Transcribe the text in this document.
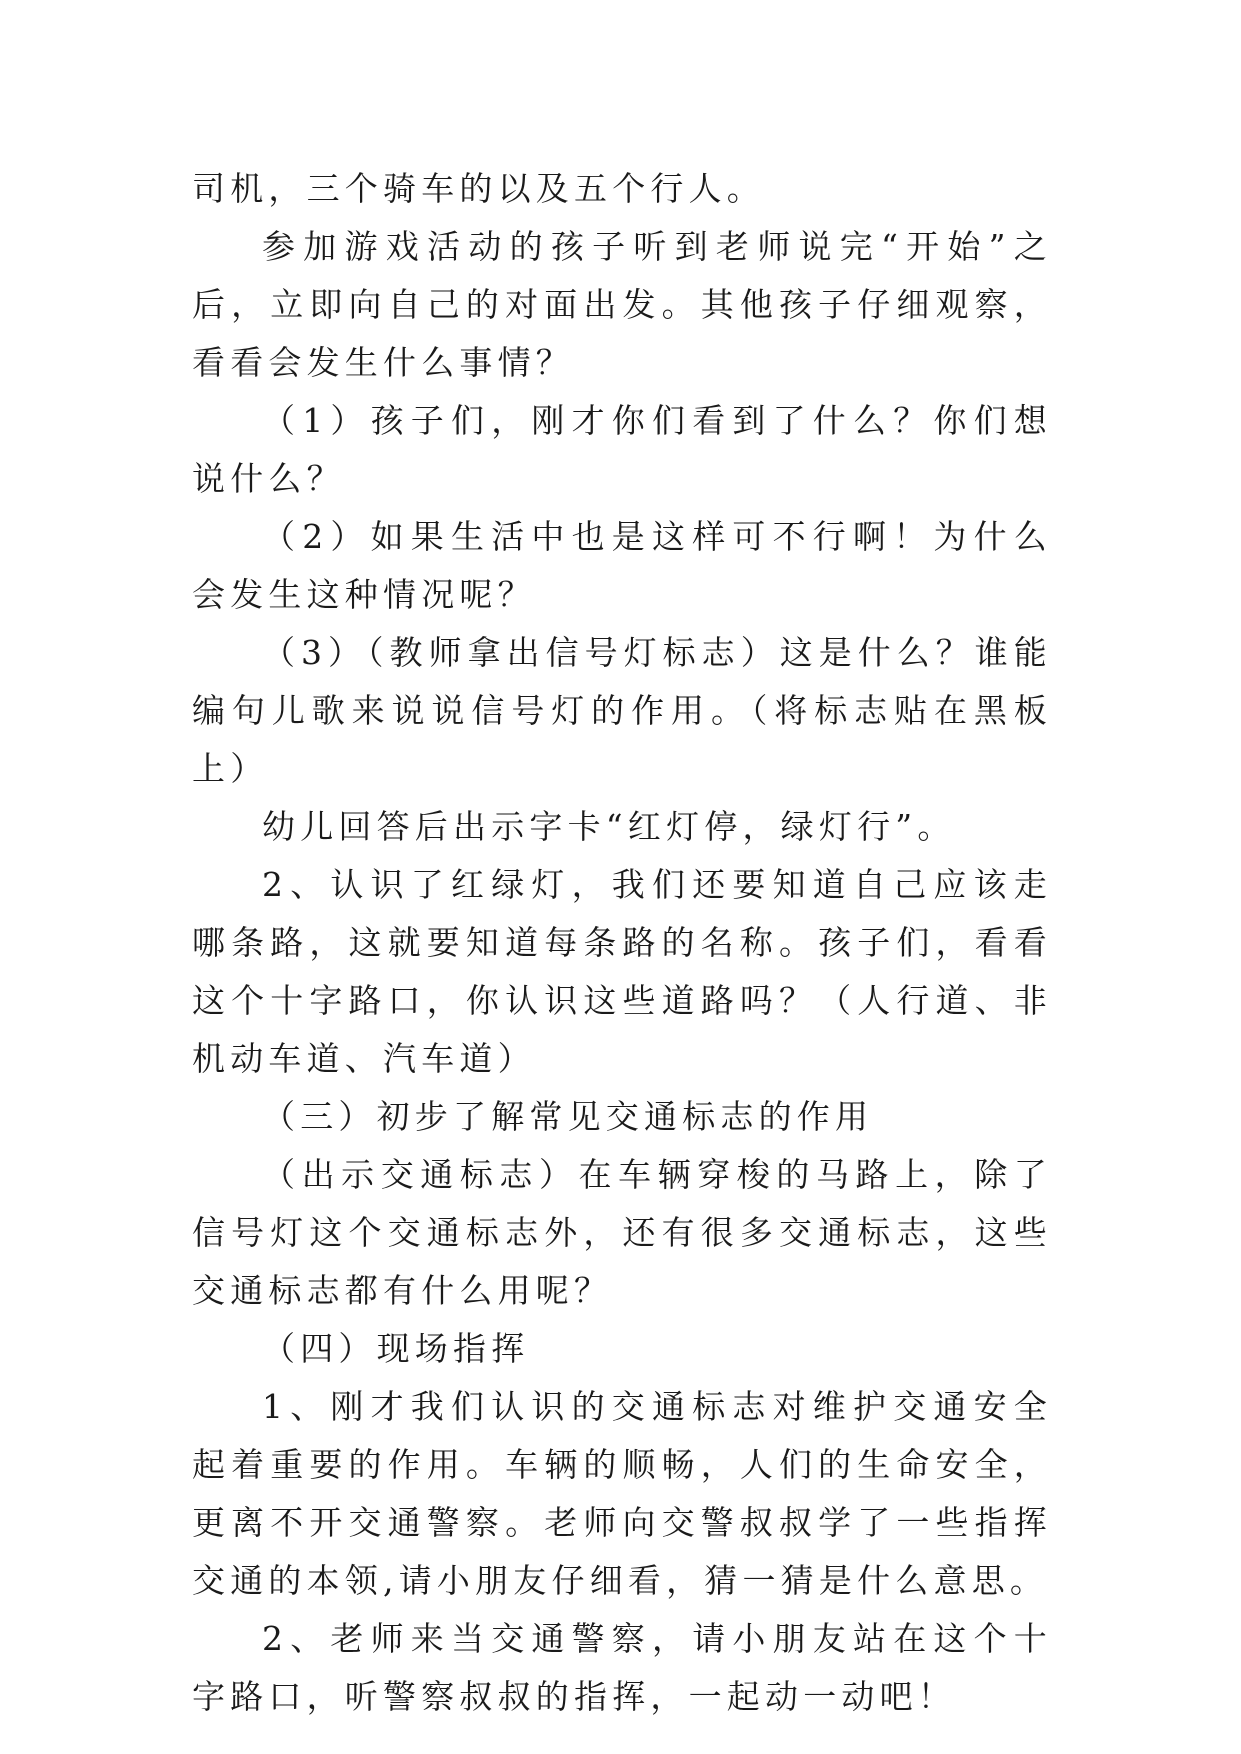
司机，三个骑车的以及五个行人。

参加游戏活动的孩子听到老师说完“开始”之后，立即向自己的对面出发。其他孩子仔细观察，看看会发生什么事情？

（1）孩子们，刚才你们看到了什么？你们想说什么？

（2）如果生活中也是这样可不行啊！为什么会发生这种情况呢？

（3）（教师拿出信号灯标志）这是什么？谁能编句儿歌来说说信号灯的作用。（将标志贴在黑板上）

幼儿回答后出示字卡“红灯停，绿灯行”。

2、认识了红绿灯，我们还要知道自己应该走哪条路，这就要知道每条路的名称。孩子们，看看这个十字路口，你认识这些道路吗？（人行道、非机动车道、汽车道）

（三）初步了解常见交通标志的作用

（出示交通标志）在车辆穿梭的马路上，除了信号灯这个交通标志外，还有很多交通标志，这些交通标志都有什么用呢？

（四）现场指挥

1、刚才我们认识的交通标志对维护交通安全起着重要的作用。车辆的顺畅，人们的生命安全，更离不开交通警察。老师向交警叔叔学了一些指挥交通的本领,请小朋友仔细看，猜一猜是什么意思。

2、老师来当交通警察，请小朋友站在这个十字路口，听警察叔叔的指挥，一起动一动吧！
